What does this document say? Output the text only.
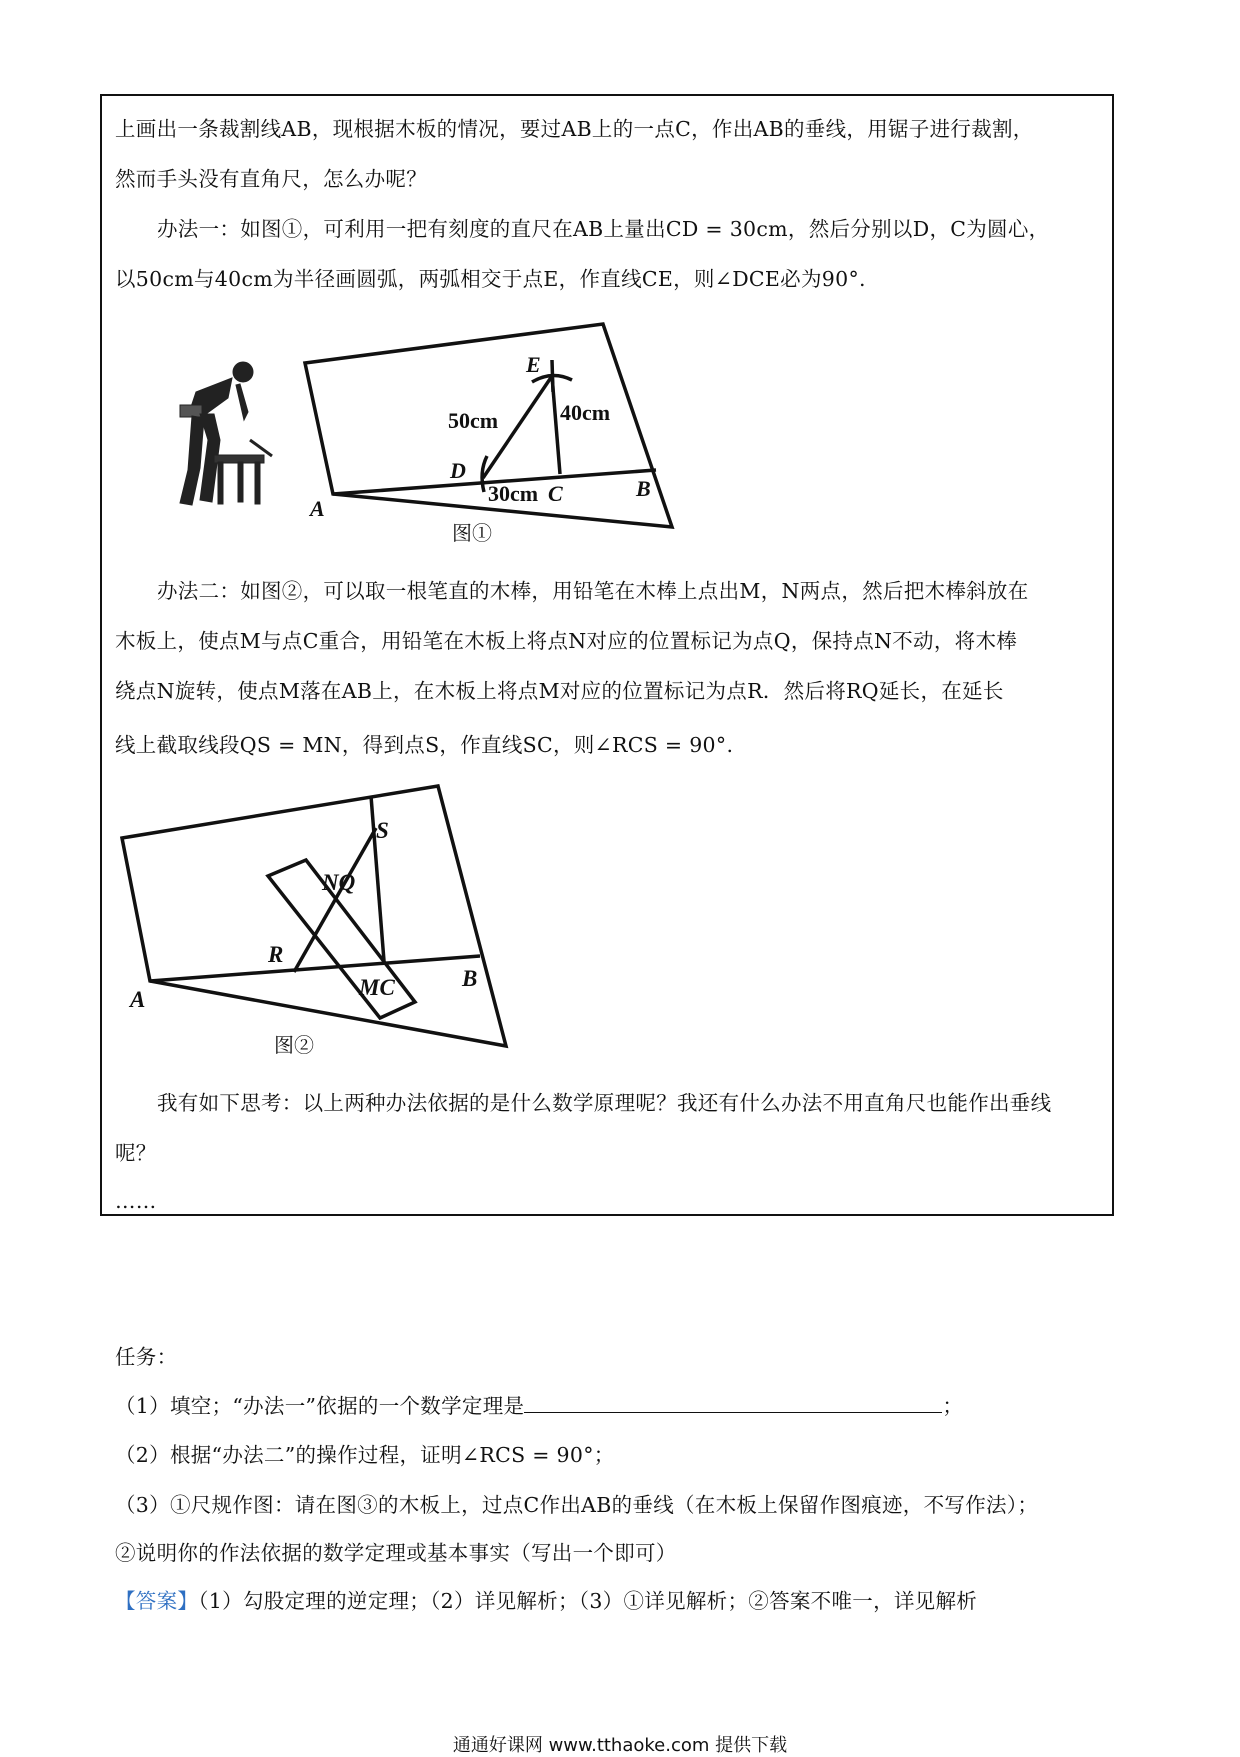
上画出一条裁割线AB，现根据木板的情况，要过AB上的一点C，作出AB的垂线，用锯子进行裁割，
然而手头没有直角尺，怎么办呢？
办法一：如图①，可利用一把有刻度的直尺在AB上量出CD = 30cm，然后分别以D，C为圆心，
以50cm与40cm为半径画圆弧，两弧相交于点E，作直线CE，则∠DCE必为90°.
E
50cm	40cm
D
30cm C	B
A
图①
办法二：如图②，可以取一根笔直的木棒，用铅笔在木棒上点出M，N两点，然后把木棒斜放在
木板上，使点M与点C重合，用铅笔在木板上将点N对应的位置标记为点Q，保持点N不动，将木棒
绕点N旋转，使点M落在AB上，在木板上将点M对应的位置标记为点R．然后将RQ延长，在延长
线上截取线段QS = MN，得到点S，作直线SC，则∠RCS = 90°.
S
NQ
R
MC	B
A
图②
我有如下思考：以上两种办法依据的是什么数学原理呢？我还有什么办法不用直角尺也能作出垂线
呢？
……
任务：
（1）填空；“办法一”依据的一个数学定理是	；
（2）根据“办法二”的操作过程，证明∠RCS = 90°；
（3）①尺规作图：请在图③的木板上，过点C作出AB的垂线（在木板上保留作图痕迹，不写作法）；
②说明你的作法依据的数学定理或基本事实（写出一个即可）
【答案】（1）勾股定理的逆定理；（2）详见解析；（3）①详见解析；②答案不唯一，详见解析
通通好课网 www.tthaoke.com 提供下载
